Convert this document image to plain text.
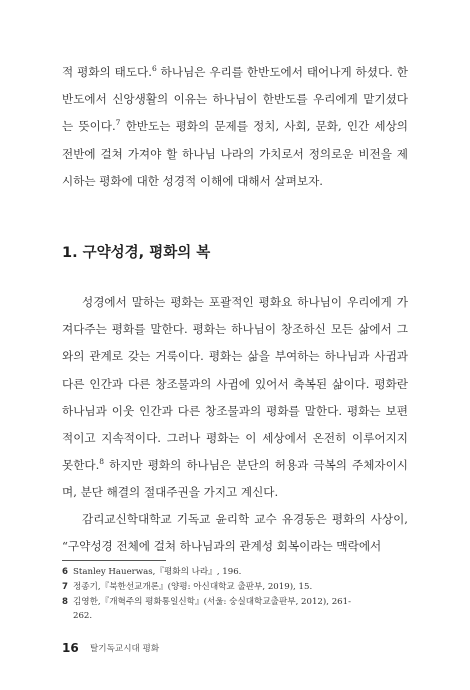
적 평화의 태도다.$^6$ 하나님은 우리를 한반도에서 태어나게 하셨다. 한반도에서 신앙생활의 이유는 하나님이 한반도를 우리에게 맡기셨다는 뜻이다.$^7$ 한반도는 평화의 문제를 정치, 사회, 문화, 인간 세상의 전반에 걸쳐 가져야 할 하나님 나라의 가치로서 정의로운 비전을 제시하는 평화에 대한 성경적 이해에 대해서 살펴보자.

1. 구약성경, 평화의 복

성경에서 말하는 평화는 포괄적인 평화요 하나님이 우리에게 가져다주는 평화를 말한다. 평화는 하나님이 창조하신 모든 삶에서 그와의 관계로 갖는 거룩이다. 평화는 삶을 부여하는 하나님과 사귐과 다른 인간과 다른 창조물과의 사귐에 있어서 축복된 삶이다. 평화란 하나님과 이웃 인간과 다른 창조물과의 평화를 말한다. 평화는 보편적이고 지속적이다. 그러나 평화는 이 세상에서 온전히 이루어지지 못한다.$^8$ 하지만 평화의 하나님은 분단의 허용과 극복의 주체자이시며, 분단 해결의 절대주권을 가지고 계신다.

감리교신학대학교 기독교 윤리학 교수 유경동은 평화의 사상이, “구약성경 전체에 걸쳐 하나님과의 관계성 회복이라는 맥락에서

6 Stanley Hauerwas,『평화의 나라』, 196.

7 정종기,『북한선교개론』(양평: 아신대학교 출판부, 2019), 15.

8 김영한,『개혁주의 평화통일신학』(서울: 숭실대학교출판부, 2012), 261-
262.

16 탈기독교시대 평화
